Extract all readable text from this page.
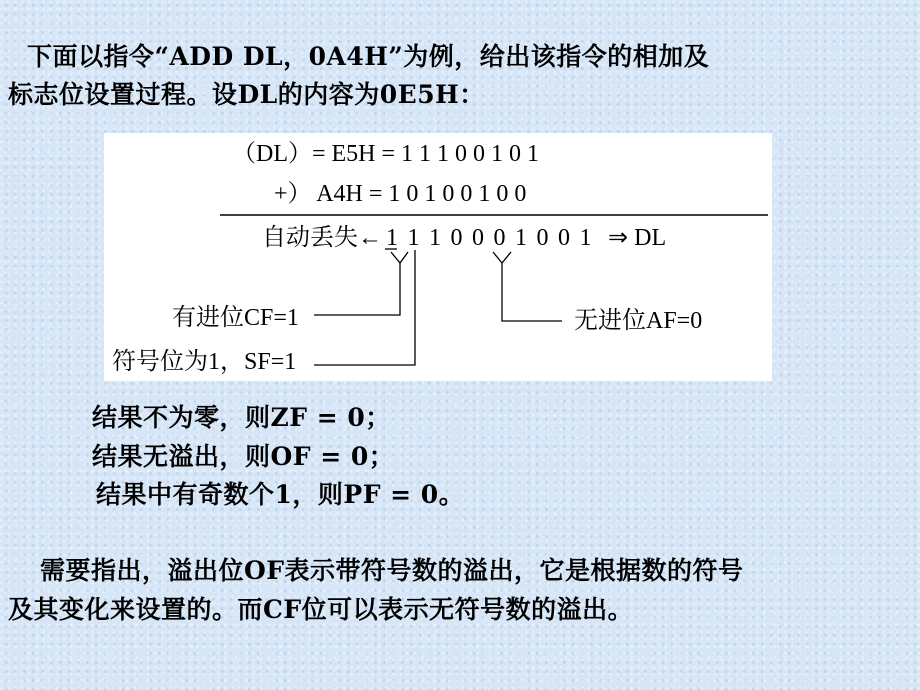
下面以指令“ADD DL，0A4H”为例，给出该指令的相加及
标志位设置过程。设DL的内容为0E5H：
（DL）= E5H = 1 1 1 0 0 1 0 1
+） A4H = 1 0 1 0 0 1 0 0
自动丢失← 1 1 1 0 0 0 1 0 0 1 ⇒ DL
有进位CF=1
符号位为1，SF=1
无进位AF=0
结果不为零，则ZF = 0；
结果无溢出，则OF = 0；
结果中有奇数个1，则PF = 0。
需要指出，溢出位OF表示带符号数的溢出，它是根据数的符号
及其变化来设置的。而CF位可以表示无符号数的溢出。
